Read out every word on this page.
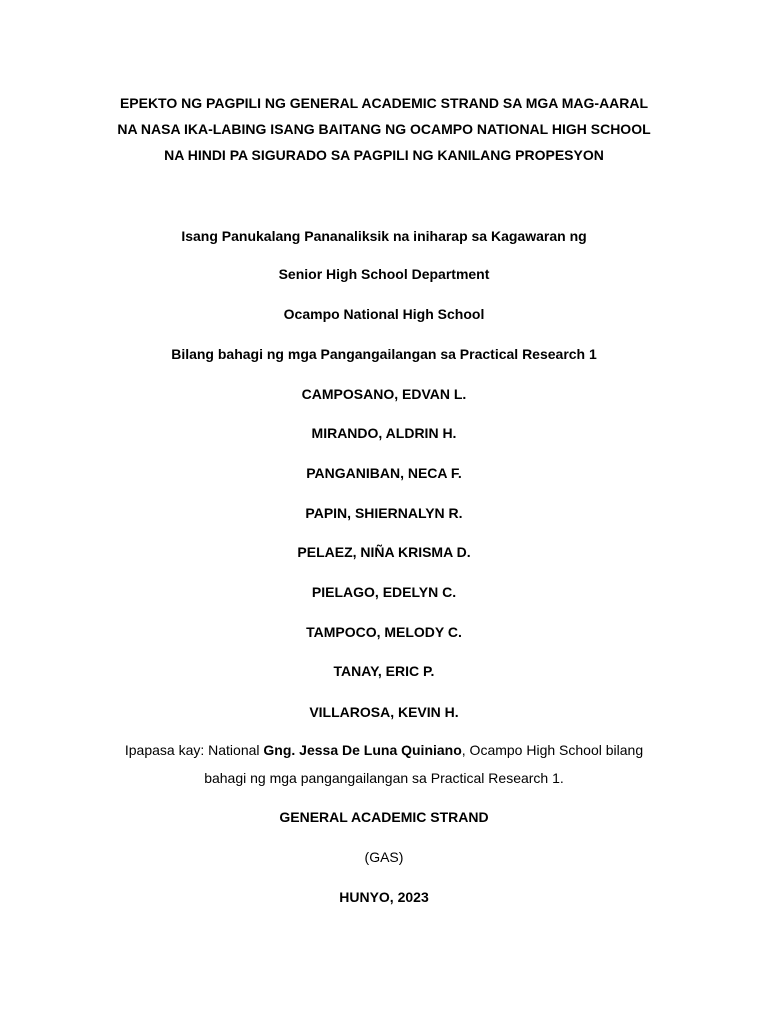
EPEKTO NG PAGPILI NG GENERAL ACADEMIC STRAND SA MGA MAG-AARAL
NA NASA IKA-LABING ISANG BAITANG NG OCAMPO NATIONAL HIGH SCHOOL
NA HINDI PA SIGURADO SA PAGPILI NG KANILANG PROPESYON
Isang Panukalang Pananaliksik na iniharap sa Kagawaran ng
Senior High School Department
Ocampo National High School
Bilang bahagi ng mga Pangangailangan sa Practical Research 1
CAMPOSANO, EDVAN L.
MIRANDO, ALDRIN H.
PANGANIBAN, NECA F.
PAPIN, SHIERNALYN R.
PELAEZ, NIÑA KRISMA D.
PIELAGO, EDELYN C.
TAMPOCO, MELODY C.
TANAY, ERIC P.
VILLAROSA, KEVIN H.
Ipapasa kay: National Gng. Jessa De Luna Quiniano, Ocampo High School bilang
bahagi ng mga pangangailangan sa Practical Research 1.
GENERAL ACADEMIC STRAND
(GAS)
HUNYO, 2023
